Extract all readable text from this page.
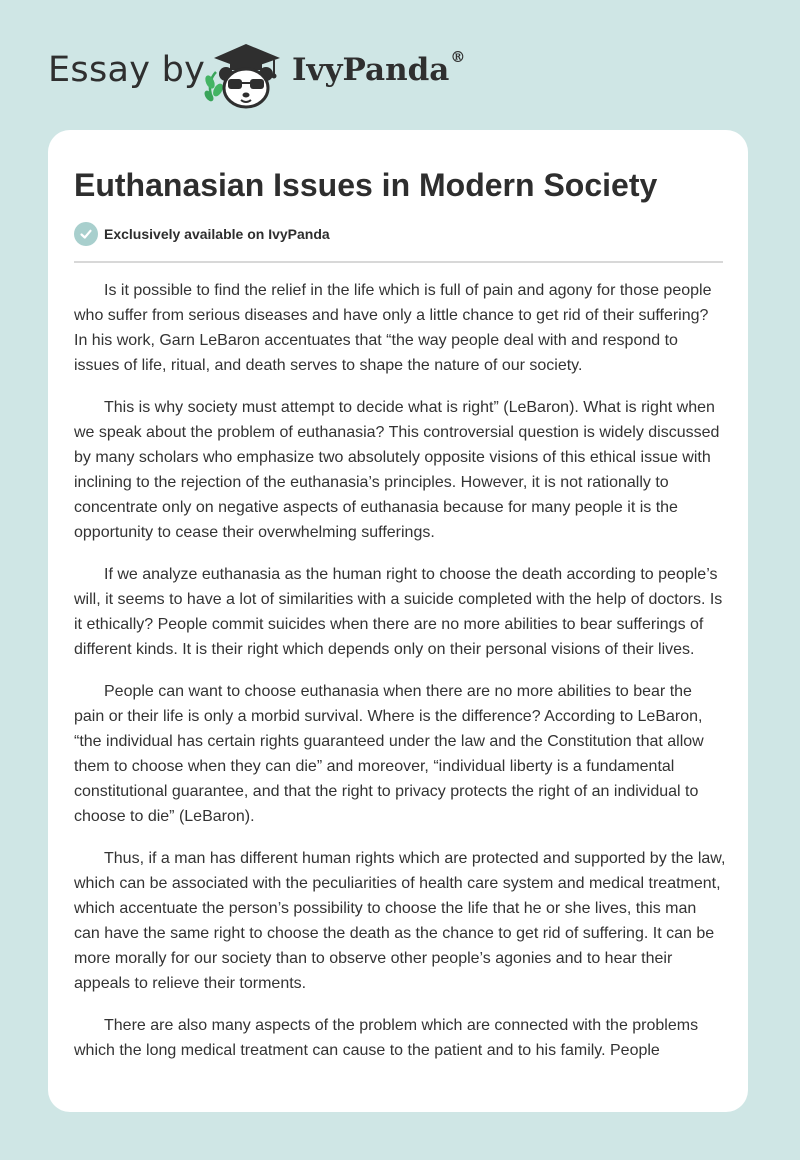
Essay by	IvyPanda®
Euthanasian Issues in Modern Society
Exclusively available on IvyPanda

Is it possible to find the relief in the life which is full of pain and agony for those people who suffer from serious diseases and have only a little chance to get rid of their suffering? In his work, Garn LeBaron accentuates that “the way people deal with and respond to issues of life, ritual, and death serves to shape the nature of our society.

This is why society must attempt to decide what is right” (LeBaron). What is right when we speak about the problem of euthanasia? This controversial question is widely discussed by many scholars who emphasize two absolutely opposite visions of this ethical issue with inclining to the rejection of the euthanasia’s principles. However, it is not rationally to concentrate only on negative aspects of euthanasia because for many people it is the opportunity to cease their overwhelming sufferings.

If we analyze euthanasia as the human right to choose the death according to people’s will, it seems to have a lot of similarities with a suicide completed with the help of doctors. Is it ethically? People commit suicides when there are no more abilities to bear sufferings of different kinds. It is their right which depends only on their personal visions of their lives.

People can want to choose euthanasia when there are no more abilities to bear the pain or their life is only a morbid survival. Where is the difference? According to LeBaron, “the individual has certain rights guaranteed under the law and the Constitution that allow them to choose when they can die” and moreover, “individual liberty is a fundamental constitutional guarantee, and that the right to privacy protects the right of an individual to choose to die” (LeBaron).

Thus, if a man has different human rights which are protected and supported by the law, which can be associated with the peculiarities of health care system and medical treatment, which accentuate the person’s possibility to choose the life that he or she lives, this man can have the same right to choose the death as the chance to get rid of suffering. It can be more morally for our society than to observe other people’s agonies and to hear their appeals to relieve their torments.

There are also many aspects of the problem which are connected with the problems which the long medical treatment can cause to the patient and to his family. People
